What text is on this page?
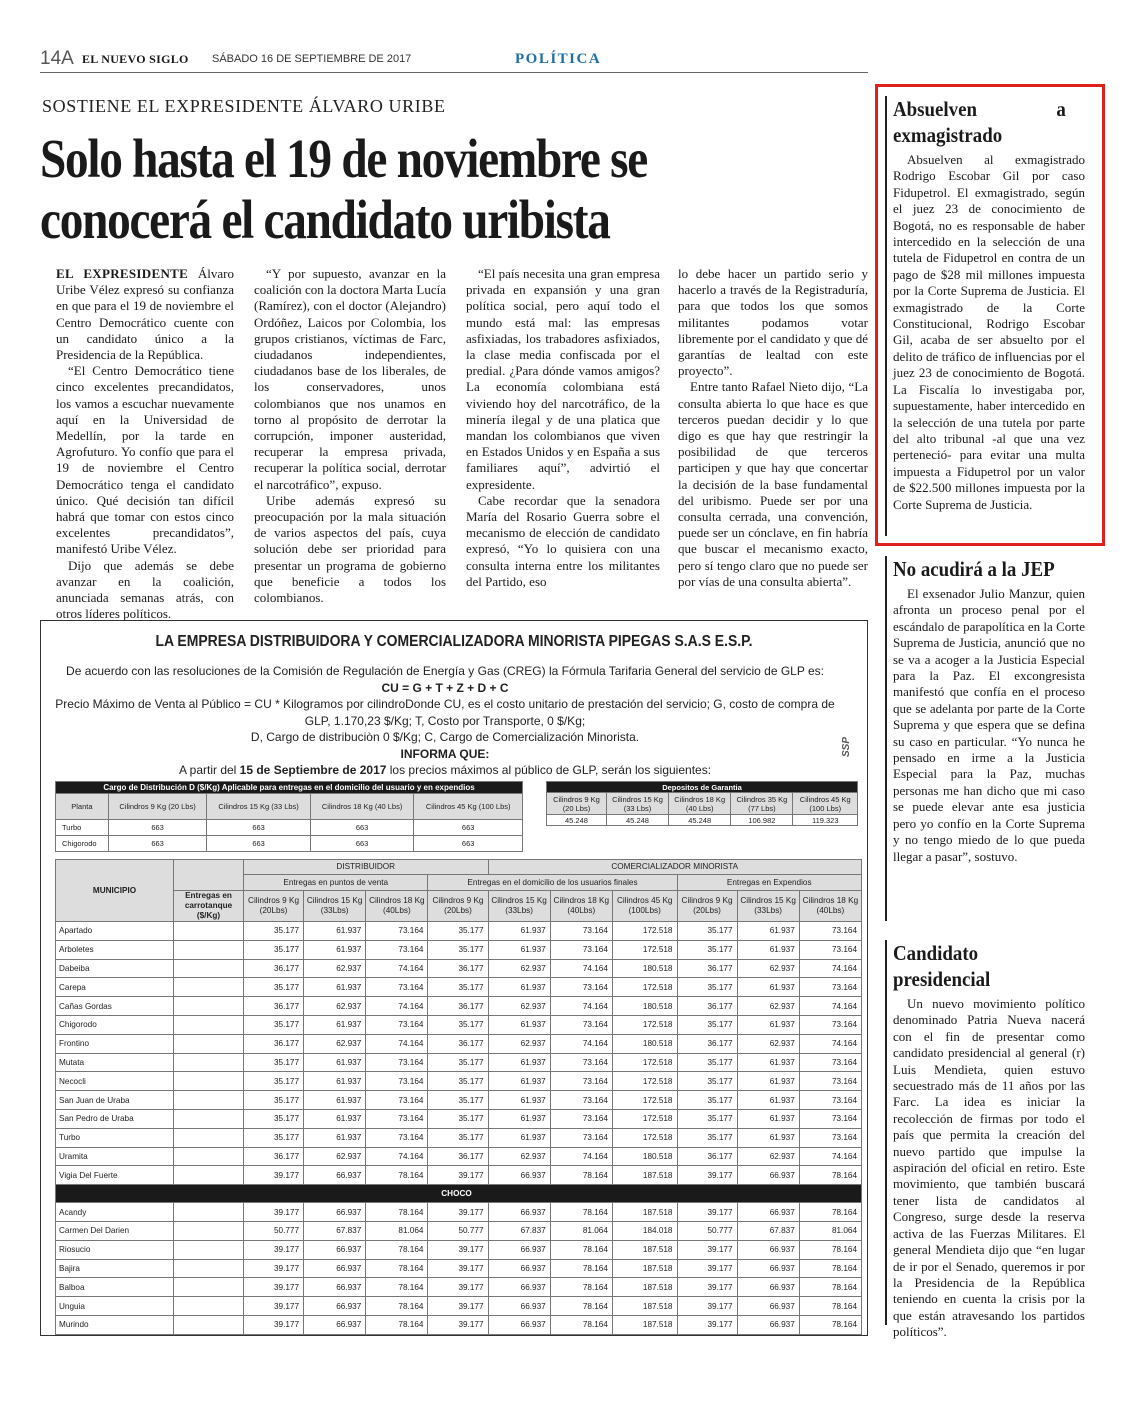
14A EL NUEVO SIGLO SÁBADO 16 DE SEPTIEMBRE DE 2017	POLÍTICA
SOSTIENE EL EXPRESIDENTE ÁLVARO URIBE
Solo hasta el 19 de noviembre se conocerá el candidato uribista

EL EXPRESIDENTE Álvaro Uribe Vélez expresó su confianza en que para el 19 de noviembre el Centro Democrático cuente con un candidato único a la Presidencia de la República.

“El Centro Democrático tiene cinco excelentes precandidatos, los vamos a escuchar nuevamente aquí en la Universidad de Medellín, por la tarde en Agrofuturo. Yo confío que para el 19 de noviembre el Centro Democrático tenga el candidato único. Qué decisión tan difícil habrá que tomar con estos cinco excelentes precandidatos”, manifestó Uribe Vélez.

Dijo que además se debe avanzar en la coalición, anunciada semanas atrás, con otros líderes políticos.

“Y por supuesto, avanzar en la coalición con la doctora Marta Lucía (Ramírez), con el doctor (Alejandro) Ordóñez, Laicos por Colombia, los grupos cristianos, víctimas de Farc, ciudadanos independientes, ciudadanos base de los liberales, de los conservadores, unos colombianos que nos unamos en torno al propósito de derrotar la corrupción, imponer austeridad, recuperar la empresa privada, recuperar la política social, derrotar el narcotráfico”, expuso.

Uribe además expresó su preocupación por la mala situación de varios aspectos del país, cuya solución debe ser prioridad para presentar un programa de gobierno que beneficie a todos los colombianos.

“El país necesita una gran empresa privada en expansión y una gran política social, pero aquí todo el mundo está mal: las empresas asfixiadas, los trabadores asfixiados, la clase media confiscada por el predial. ¿Para dónde vamos amigos? La economía colombiana está viviendo hoy del narcotráfico, de la minería ilegal y de una platica que mandan los colombianos que viven en Estados Unidos y en España a sus familiares aquí”, advirtió el expresidente.

Cabe recordar que la senadora María del Rosario Guerra sobre el mecanismo de elección de candidato expresó, “Yo lo quisiera con una consulta interna entre los militantes del Partido, eso

lo debe hacer un partido serio y hacerlo a través de la Registraduría, para que todos los que somos militantes podamos votar libremente por el candidato y que dé garantías de lealtad con este proyecto”.

Entre tanto Rafael Nieto dijo, “La consulta abierta lo que hace es que terceros puedan decidir y lo que digo es que hay que restringir la posibilidad de que terceros participen y que hay que concertar la decisión de la base fundamental del uribismo. Puede ser por una consulta cerrada, una convención, puede ser un cónclave, en fin habría que buscar el mecanismo exacto, pero sí tengo claro que no puede ser por vías de una consulta abierta”.

LA EMPRESA DISTRIBUIDORA Y COMERCIALIZADORA MINORISTA PIPEGAS S.A.S E.S.P.
De acuerdo con las resoluciones de la Comisión de Regulación de Energía y Gas (CREG) la Fórmula Tarifaria General del servicio de GLP es:
CU = G + T + Z + D + C
Precio Máximo de Venta al Público = CU * Kilogramos por cilindroDonde CU, es el costo unitario de prestación del servicio; G, costo de compra de GLP, 1.170,23 $/Kg; T, Costo por Transporte, 0 $/Kg;
D, Cargo de distribuciòn 0 $/Kg; C, Cargo de Comercialización Minorista.
INFORMA QUE:
A partir del 15 de Septiembre de 2017 los precios máximos al público de GLP, serán los siguientes:
SSP
Cargo de Distribución D ($/Kg) Aplicable para entregas en el domicilio del usuario y en expendios				
Planta	Cilindros 9 Kg (20 Lbs)	Cilindros 15 Kg (33 Lbs)	Cilindros 18 Kg (40 Lbs)	Cilindros 45 Kg (100 Lbs)
Turbo	663	663	663	663
Chigorodo	663	663	663	663
Depositos de Garantia				
Cilindros 9 Kg (20 Lbs)	Cilindros 15 Kg (33 Lbs)	Cilindros 18 Kg (40 Lbs)	Cilindros 35 Kg (77 Lbs)	Cilindros 45 Kg (100 Lbs)
45.248	45.248	45.248	106.982	119.323
MUNICIPIO		DISTRIBUIDOR				COMERCIALIZADOR MINORISTA					
		Entregas en puntos de venta			Entregas en el domicilio de los usuarios finales				Entregas en Expendios		
	Entregas en carrotanque ($/Kg)	Cilindros 9 Kg (20Lbs)	Cilindros 15 Kg (33Lbs)	Cilindros 18 Kg (40Lbs)	Cilindros 9 Kg (20Lbs)	Cilindros 15 Kg (33Lbs)	Cilindros 18 Kg (40Lbs)	Cilindros 45 Kg (100Lbs)	Cilindros 9 Kg (20Lbs)	Cilindros 15 Kg (33Lbs)	Cilindros 18 Kg (40Lbs)
Apartado		35.177	61.937	73.164	35.177	61.937	73.164	172.518	35.177	61.937	73.164
Arboletes		35.177	61.937	73.164	35.177	61.937	73.164	172.518	35.177	61.937	73.164
Dabeiba		36.177	62.937	74.164	36.177	62.937	74.164	180.518	36.177	62.937	74.164
Carepa		35.177	61.937	73.164	35.177	61.937	73.164	172.518	35.177	61.937	73.164
Cañas Gordas		36.177	62.937	74.164	36.177	62.937	74.164	180.518	36.177	62.937	74.164
Chigorodo		35.177	61.937	73.164	35.177	61.937	73.164	172.518	35.177	61.937	73.164
Frontino		36.177	62.937	74.164	36.177	62.937	74.164	180.518	36.177	62.937	74.164
Mutata		35.177	61.937	73.164	35.177	61.937	73.164	172.518	35.177	61.937	73.164
Necocli		35.177	61.937	73.164	35.177	61.937	73.164	172.518	35.177	61.937	73.164
San Juan de Uraba		35.177	61.937	73.164	35.177	61.937	73.164	172.518	35.177	61.937	73.164
San Pedro de Uraba		35.177	61.937	73.164	35.177	61.937	73.164	172.518	35.177	61.937	73.164
Turbo		35.177	61.937	73.164	35.177	61.937	73.164	172.518	35.177	61.937	73.164
Uramita		36.177	62.937	74.164	36.177	62.937	74.164	180.518	36.177	62.937	74.164
Vigia Del Fuerte		39.177	66.937	78.164	39.177	66.937	78.164	187.518	39.177	66.937	78.164
CHOCO											
Acandy		39.177	66.937	78.164	39.177	66.937	78.164	187.518	39.177	66.937	78.164
Carmen Del Darien		50.777	67.837	81.064	50.777	67.837	81.064	184.018	50.777	67.837	81.064
Riosucio		39.177	66.937	78.164	39.177	66.937	78.164	187.518	39.177	66.937	78.164
Bajira		39.177	66.937	78.164	39.177	66.937	78.164	187.518	39.177	66.937	78.164
Balboa		39.177	66.937	78.164	39.177	66.937	78.164	187.518	39.177	66.937	78.164
Unguia		39.177	66.937	78.164	39.177	66.937	78.164	187.518	39.177	66.937	78.164
Murindo		39.177	66.937	78.164	39.177	66.937	78.164	187.518	39.177	66.937	78.164
Absuelven a exmagistrado

Absuelven al exmagistrado Rodrigo Escobar Gil por caso Fidupetrol. El exmagistrado, según el juez 23 de conocimiento de Bogotá, no es responsable de haber intercedido en la selección de una tutela de Fidupetrol en contra de un pago de $28 mil millones impuesta por la Corte Suprema de Justicia. El exmagistrado de la Corte Constitucional, Rodrigo Escobar Gil, acaba de ser absuelto por el delito de tráfico de influencias por el juez 23 de conocimiento de Bogotá. La Fiscalía lo investigaba por, supuestamente, haber intercedido en la selección de una tutela por parte del alto tribunal -al que una vez perteneció- para evitar una multa impuesta a Fidupetrol por un valor de $22.500 millones impuesta por la Corte Suprema de Justicia.

No acudirá a la JEP

El exsenador Julio Manzur, quien afronta un proceso penal por el escándalo de parapolítica en la Corte Suprema de Justicia, anunció que no se va a acoger a la Justicia Especial para la Paz. El excongresista manifestó que confía en el proceso que se adelanta por parte de la Corte Suprema y que espera que se defina su caso en particular. “Yo nunca he pensado en irme a la Justicia Especial para la Paz, muchas personas me han dicho que mi caso se puede elevar ante esa justicia pero yo confío en la Corte Suprema y no tengo miedo de lo que pueda llegar a pasar”, sostuvo.

Candidato presidencial

Un nuevo movimiento político denominado Patria Nueva nacerá con el fin de presentar como candidato presidencial al general (r) Luis Mendieta, quien estuvo secuestrado más de 11 años por las Farc. La idea es iniciar la recolección de firmas por todo el país que permita la creación del nuevo partido que impulse la aspiración del oficial en retiro. Este movimiento, que también buscará tener lista de candidatos al Congreso, surge desde la reserva activa de las Fuerzas Militares. El general Mendieta dijo que “en lugar de ir por el Senado, queremos ir por la Presidencia de la República teniendo en cuenta la crisis por la que están atravesando los partidos políticos”.
